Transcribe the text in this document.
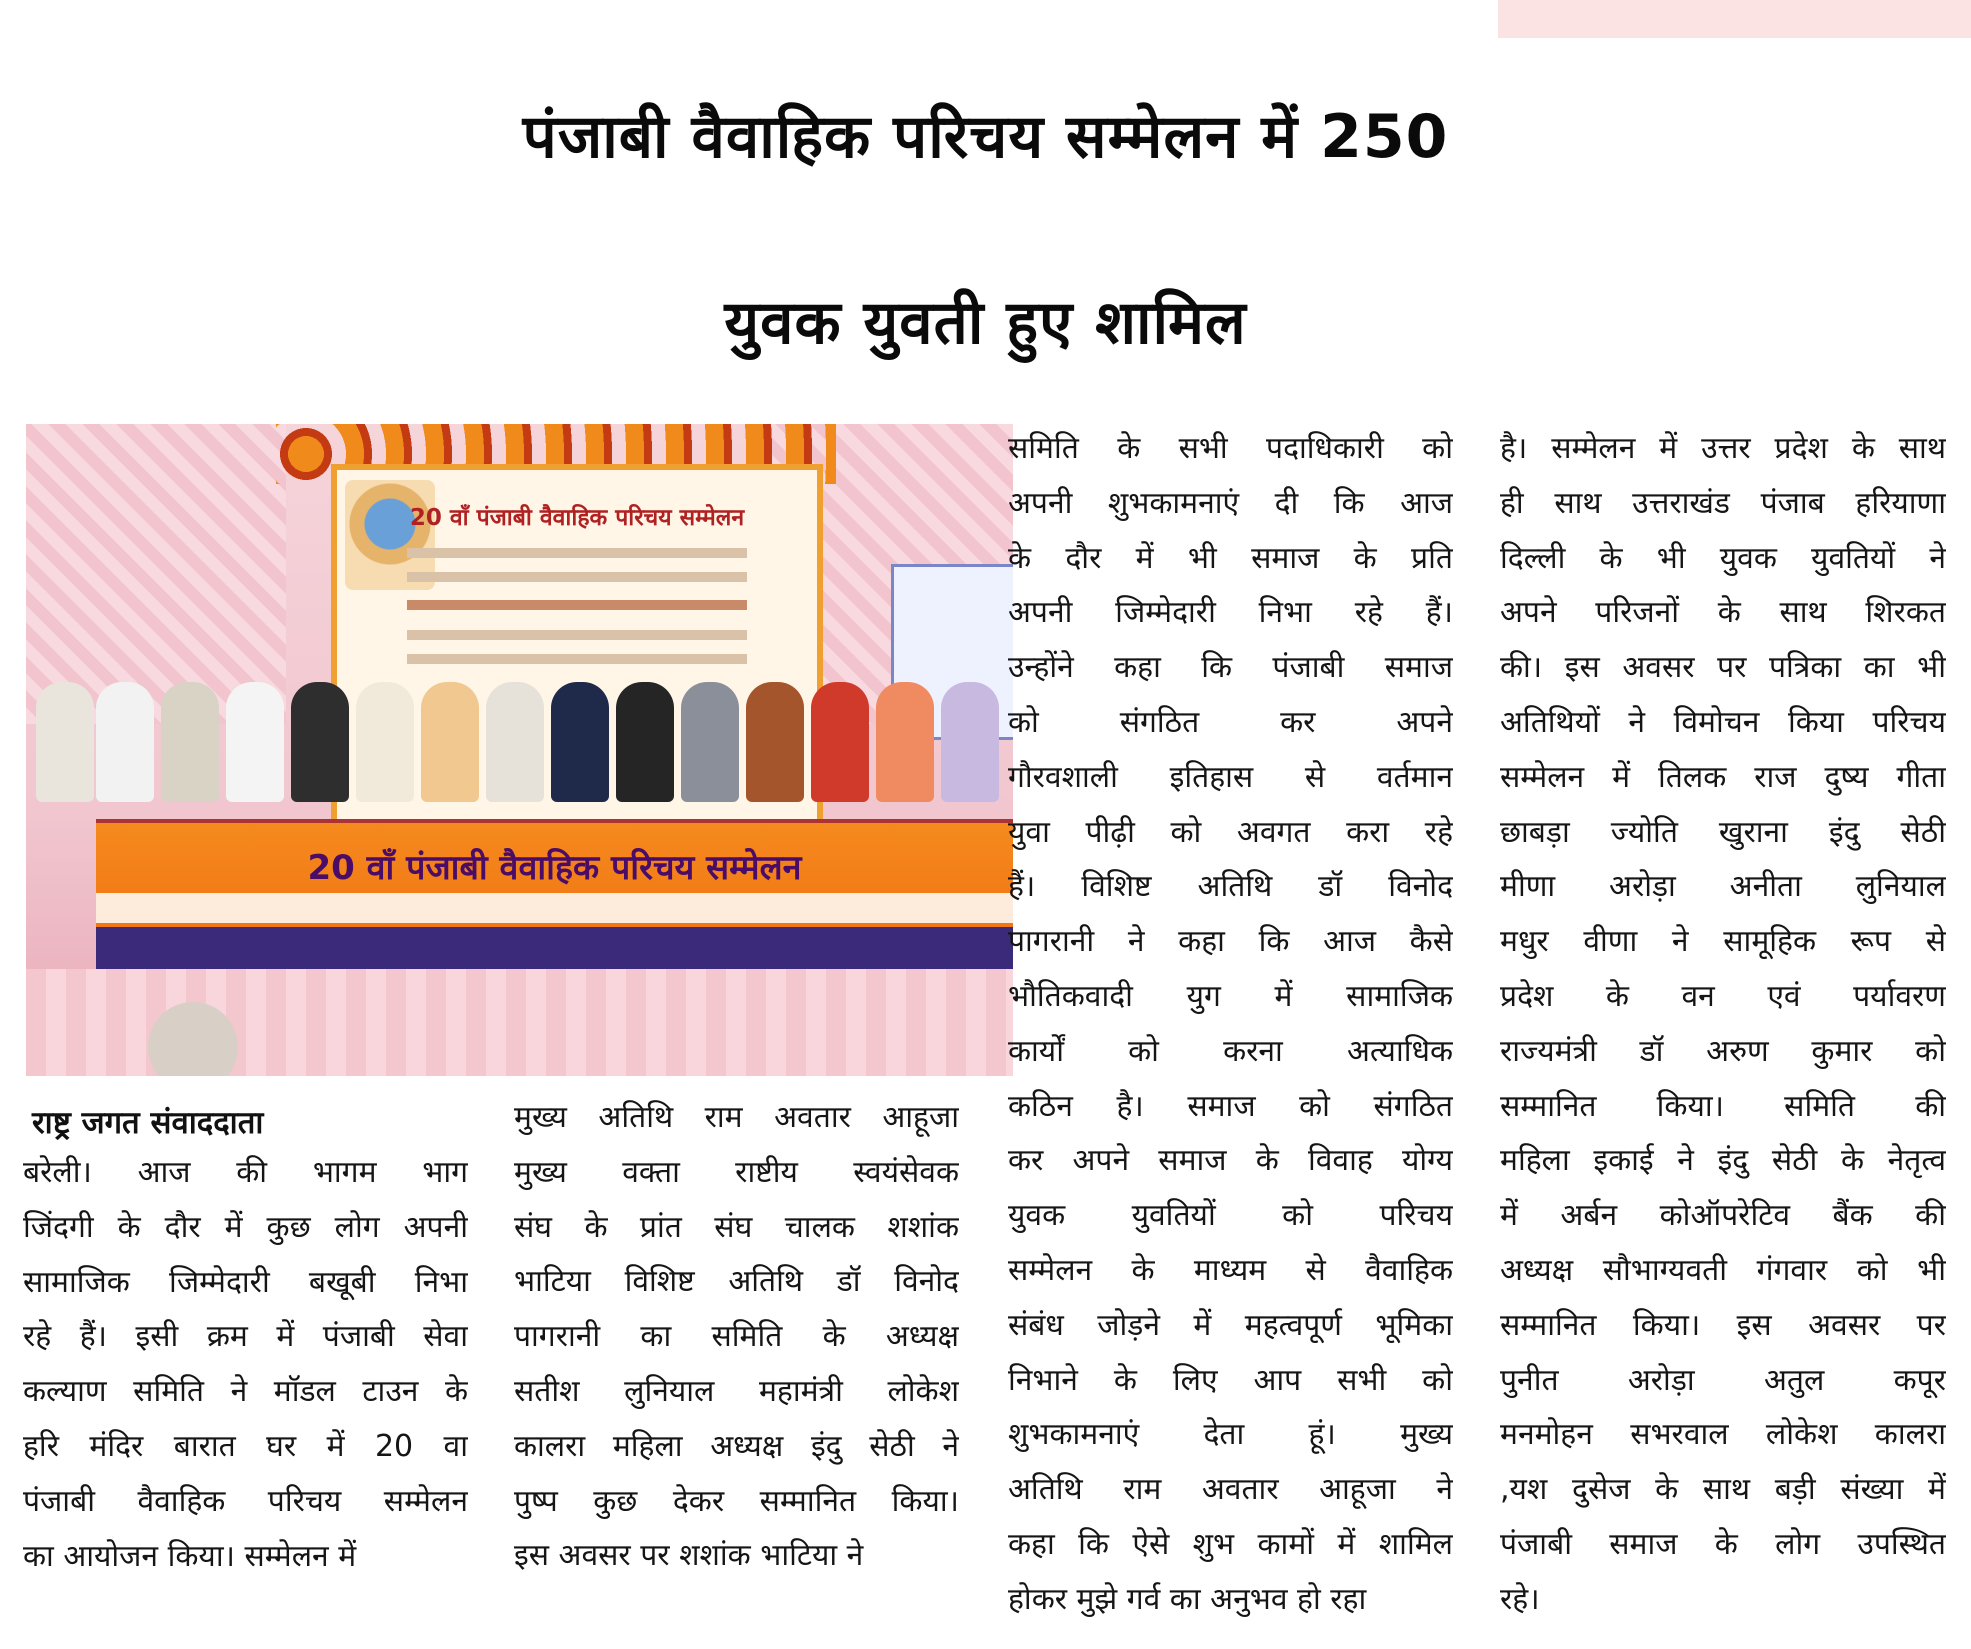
पंजाबी वैवाहिक परिचय सम्मेलन में 250
युवक युवती हुए शामिल
20 वाँ पंजाबी वैवाहिक परिचय सम्मेलन
20 वाँ पंजाबी वैवाहिक परिचय सम्मेलन
राष्ट्र जगत संवाददाता
बरेली। आज की भागम भाग
जिंदगी के दौर में कुछ लोग अपनी
सामाजिक जिम्मेदारी बखूबी निभा
रहे हैं। इसी क्रम में पंजाबी सेवा
कल्याण समिति ने मॉडल टाउन के
हरि मंदिर बारात घर में 20 वा
पंजाबी वैवाहिक परिचय सम्मेलन
का आयोजन किया। सम्मेलन में
मुख्य अतिथि राम अवतार आहूजा
मुख्य वक्ता राष्टीय स्वयंसेवक
संघ के प्रांत संघ चालक शशांक
भाटिया विशिष्ट अतिथि डॉ विनोद
पागरानी का समिति के अध्यक्ष
सतीश लुनियाल महामंत्री लोकेश
कालरा महिला अध्यक्ष इंदु सेठी ने
पुष्प कुछ देकर सम्मानित किया।
इस अवसर पर शशांक भाटिया ने
समिति के सभी पदाधिकारी को
अपनी शुभकामनाएं दी कि आज
के दौर में भी समाज के प्रति
अपनी जिम्मेदारी निभा रहे हैं।
उन्होंने कहा कि पंजाबी समाज
को संगठित कर अपने
गौरवशाली इतिहास से वर्तमान
युवा पीढ़ी को अवगत करा रहे
हैं। विशिष्ट अतिथि डॉ विनोद
पागरानी ने कहा कि आज कैसे
भौतिकवादी युग में सामाजिक
कार्यों को करना अत्याधिक
कठिन है। समाज को संगठित
कर अपने समाज के विवाह योग्य
युवक युवतियों को परिचय
सम्मेलन के माध्यम से वैवाहिक
संबंध जोड़ने में महत्वपूर्ण भूमिका
निभाने के लिए आप सभी को
शुभकामनाएं देता हूं। मुख्य
अतिथि राम अवतार आहूजा ने
कहा कि ऐसे शुभ कामों में शामिल
होकर मुझे गर्व का अनुभव हो रहा
है। सम्मेलन में उत्तर प्रदेश के साथ
ही साथ उत्तराखंड पंजाब हरियाणा
दिल्ली के भी युवक युवतियों ने
अपने परिजनों के साथ शिरकत
की। इस अवसर पर पत्रिका का भी
अतिथियों ने विमोचन किया परिचय
सम्मेलन में तिलक राज दुष्य गीता
छाबड़ा ज्योति खुराना इंदु सेठी
मीणा अरोड़ा अनीता लुनियाल
मधुर वीणा ने सामूहिक रूप से
प्रदेश के वन एवं पर्यावरण
राज्यमंत्री डॉ अरुण कुमार को
सम्मानित किया। समिति की
महिला इकाई ने इंदु सेठी के नेतृत्व
में अर्बन कोऑपरेटिव बैंक की
अध्यक्ष सौभाग्यवती गंगवार को भी
सम्मानित किया। इस अवसर पर
पुनीत अरोड़ा अतुल कपूर
मनमोहन सभरवाल लोकेश कालरा
,यश दुसेज के साथ बड़ी संख्या में
पंजाबी समाज के लोग उपस्थित
रहे।
